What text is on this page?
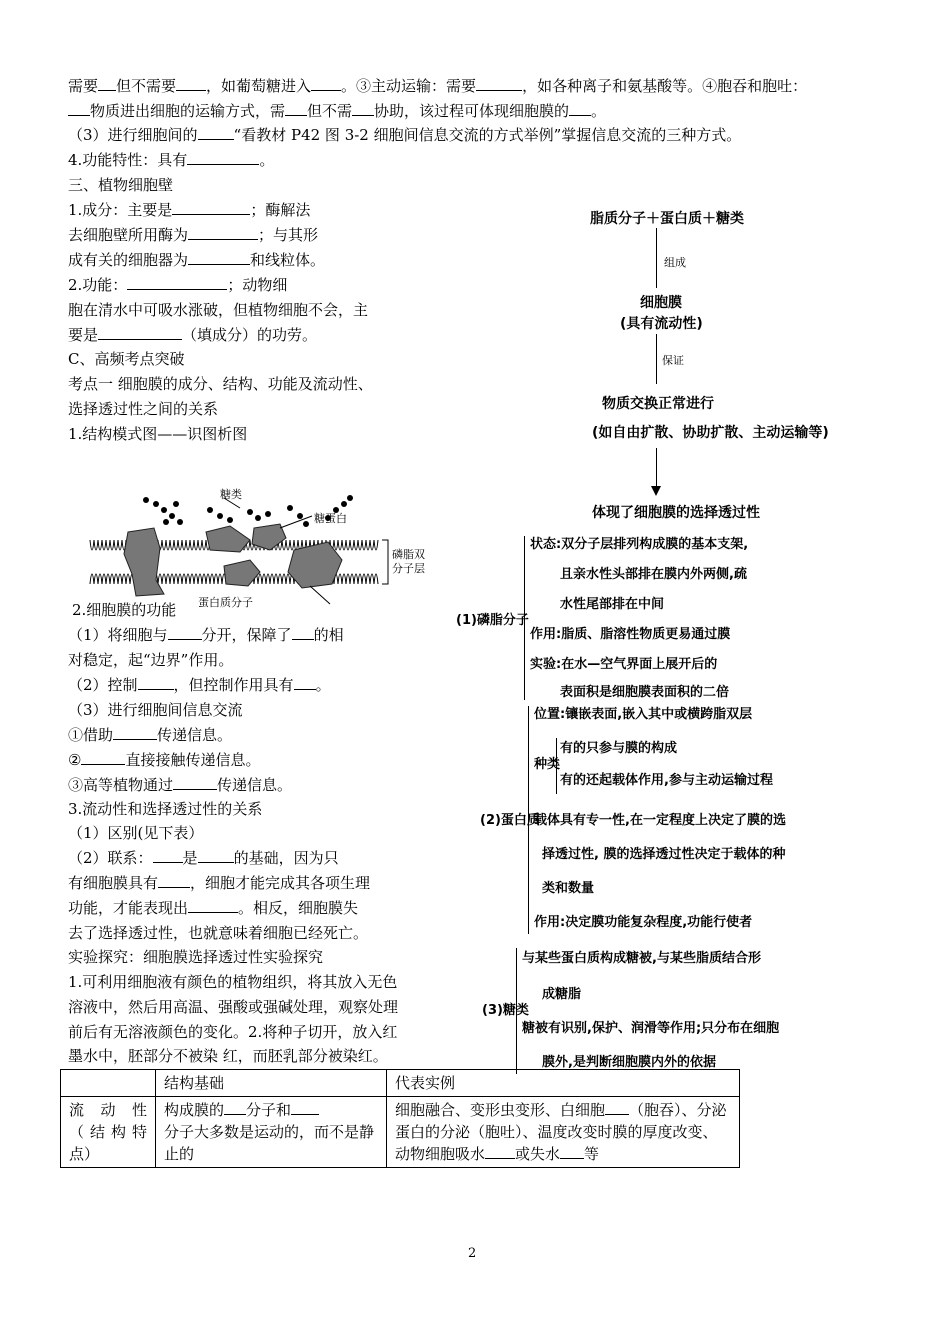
需要 但不需要 ，如葡萄糖进入 。③主动运输：需要	，如各种离子和氨基酸等。④胞吞和胞吐：
物质进出细胞的运输方式，需 但不需 协助，该过程可体现细胞膜的 。
（3）进行细胞间的 “看教材 P42 图 3-2 细胞间信息交流的方式举例”掌握信息交流的三种方式。
4.功能特性：具有	。
三、植物细胞壁
1.成分：主要是	；酶解法
去细胞壁所用酶为	；与其形
成有关的细胞器为	和线粒体。
2.功能：	；动物细
胞在清水中可吸水涨破，但植物细胞不会，主
要是	（填成分）的功劳。
C、高频考点突破
考点一 细胞膜的成分、结构、功能及流动性、
选择透过性之间的关系
1.结构模式图——识图析图
糖类
糖蛋白
磷脂双
分子层
蛋白质分子
2.细胞膜的功能
（1）将细胞与 分开，保障了 的相
对稳定，起“边界”作用。
（2）控制 ，但控制作用具有 。
（3）进行细胞间信息交流
①借助	传递信息。
②	直接接触传递信息。
③高等植物通过	传递信息。
3.流动性和选择透过性的关系
（1）区别(见下表）
（2）联系： 是 的基础，因为只
有细胞膜具有 ，细胞才能完成其各项生理
功能，才能表现出	。相反，细胞膜失
去了选择透过性，也就意味着细胞已经死亡。
实验探究：细胞膜选择透过性实验探究
1.可利用细胞液有颜色的植物组织，将其放入无色
溶液中，然后用高温、强酸或强碱处理，观察处理
前后有无溶液颜色的变化。2.将种子切开，放入红
墨水中，胚部分不被染 红，而胚乳部分被染红。
脂质分子＋蛋白质＋糖类
组成
细胞膜
(具有流动性)
保证
物质交换正常进行
(如自由扩散、协助扩散、主动运输等)
体现了细胞膜的选择透过性
(1)磷脂分子
状态:双分子层排列构成膜的基本支架,
且亲水性头部排在膜内外两侧,疏
水性尾部排在中间
作用:脂质、脂溶性物质更易通过膜
实验:在水—空气界面上展开后的
表面积是细胞膜表面积的二倍
(2)蛋白质
位置:镶嵌表面,嵌入其中或横跨脂双层
种类
有的只参与膜的构成
有的还起载体作用,参与主动运输过程
载体具有专一性,在一定程度上决定了膜的选
择透过性, 膜的选择透过性决定于载体的种
类和数量
作用:决定膜功能复杂程度,功能行使者
(3)糖类
与某些蛋白质构成糖被,与某些脂质结合形
成糖脂
糖被有识别,保护、润滑等作用;只分布在细胞
膜外,是判断细胞膜内外的依据
	结构基础	代表实例
流　动　性（结构特点）	构成膜的 分子和
分子大多数是运动的，而不是静止的	细胞融合、变形虫变形、白细胞 （胞吞）、分泌蛋白的分泌（胞吐）、温度改变时膜的厚度改变、动物细胞吸水 或失水 等
2
